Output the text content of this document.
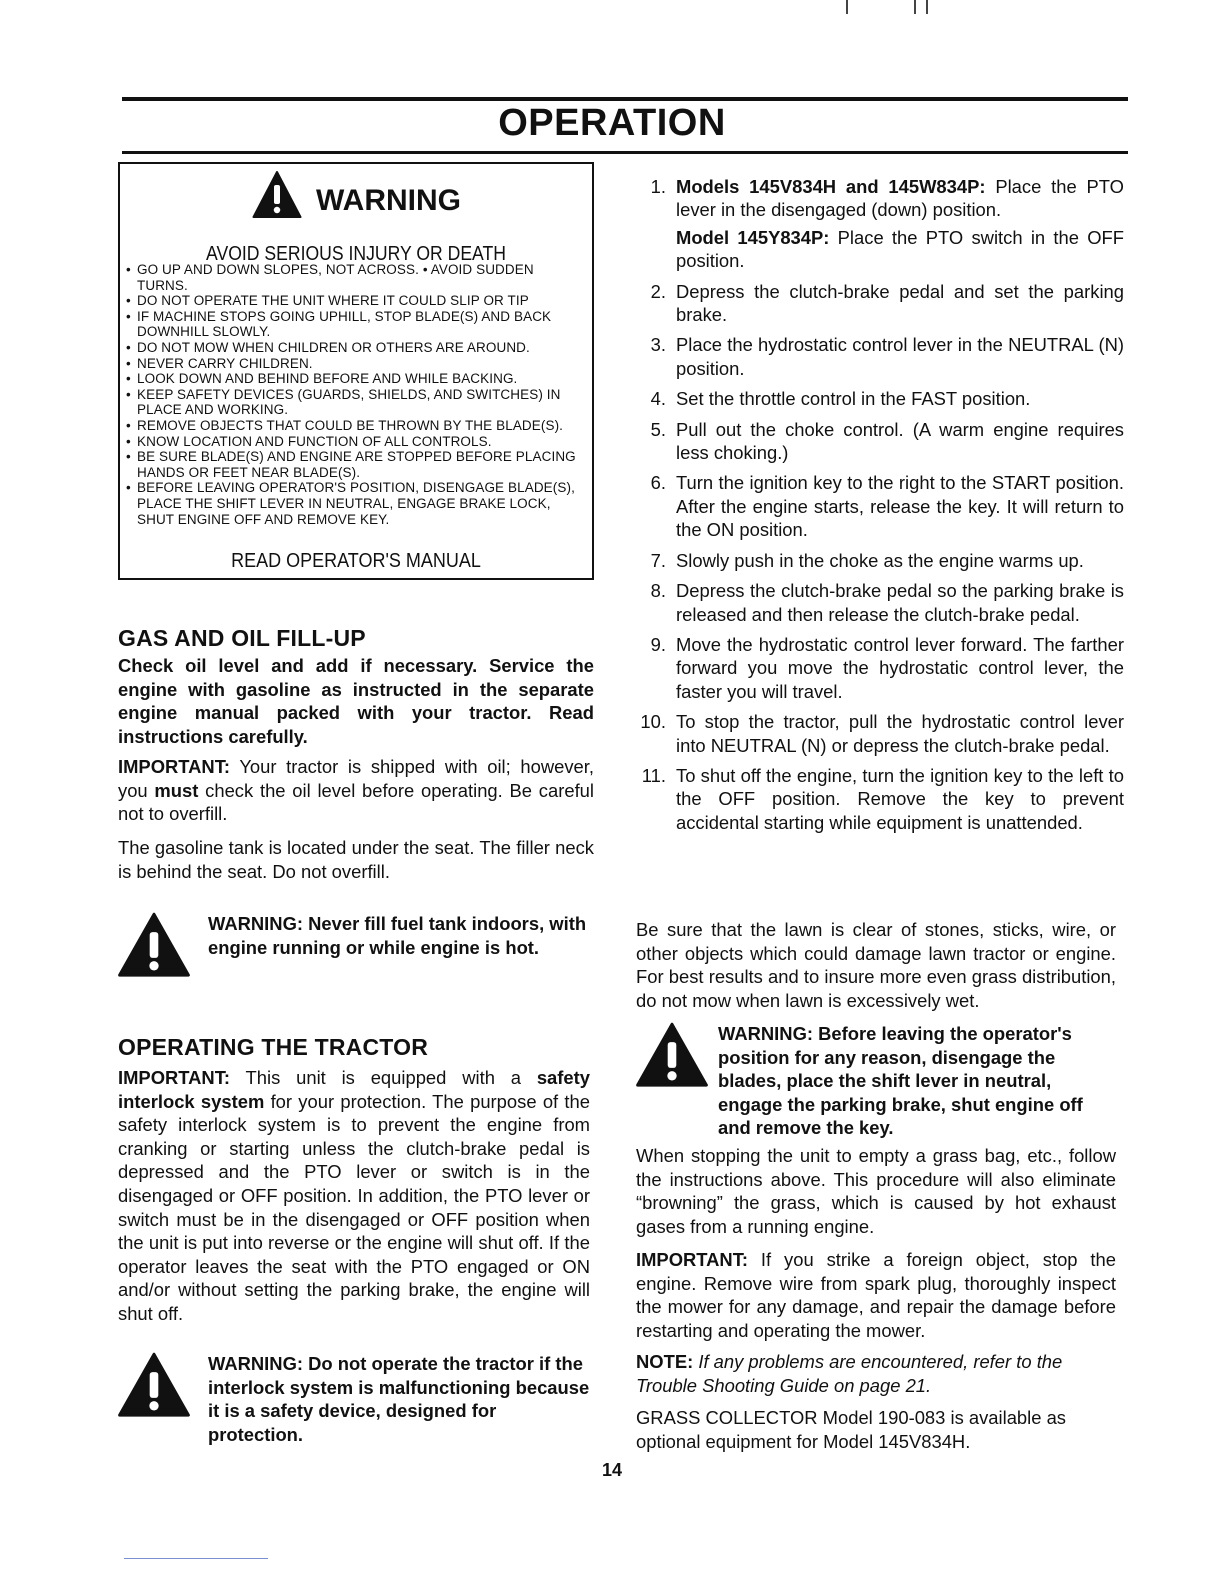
OPERATION
WARNING
AVOID SERIOUS INJURY OR DEATH
• GO UP AND DOWN SLOPES, NOT ACROSS. • AVOID SUDDEN TURNS.
• DO NOT OPERATE THE UNIT WHERE IT COULD SLIP OR TIP
• IF MACHINE STOPS GOING UPHILL, STOP BLADE(S) AND BACK DOWNHILL SLOWLY.
• DO NOT MOW WHEN CHILDREN OR OTHERS ARE AROUND.
• NEVER CARRY CHILDREN.
• LOOK DOWN AND BEHIND BEFORE AND WHILE BACKING.
• KEEP SAFETY DEVICES (GUARDS, SHIELDS, AND SWITCHES) IN PLACE AND WORKING.
• REMOVE OBJECTS THAT COULD BE THROWN BY THE BLADE(S).
• KNOW LOCATION AND FUNCTION OF ALL CONTROLS.
• BE SURE BLADE(S) AND ENGINE ARE STOPPED BEFORE PLACING HANDS OR FEET NEAR BLADE(S).
• BEFORE LEAVING OPERATOR'S POSITION, DISENGAGE BLADE(S), PLACE THE SHIFT LEVER IN NEUTRAL, ENGAGE BRAKE LOCK, SHUT ENGINE OFF AND REMOVE KEY.
READ OPERATOR'S MANUAL
GAS AND OIL FILL-UP

Check oil level and add if necessary. Service the engine with gasoline as instructed in the separate engine manual packed with your tractor. Read instructions carefully.

IMPORTANT: Your tractor is shipped with oil; however, you must check the oil level before operating. Be careful not to overfill.

The gasoline tank is located under the seat. The filler neck is behind the seat. Do not overfill.

WARNING: Never fill fuel tank indoors, with engine running or while engine is hot.
OPERATING THE TRACTOR

IMPORTANT: This unit is equipped with a safety interlock system for your protection. The purpose of the safety interlock system is to prevent the engine from cranking or starting unless the clutch-brake pedal is depressed and the PTO lever or switch is in the disengaged or OFF position. In addition, the PTO lever or switch must be in the disengaged or OFF position when the unit is put into reverse or the engine will shut off. If the operator leaves the seat with the PTO engaged or ON and/or without setting the parking brake, the engine will shut off.

WARNING: Do not operate the tractor if the interlock system is malfunctioning because it is a safety device, designed for protection.
1. Models 145V834H and 145W834P: Place the PTO lever in the disengaged (down) position.
Model 145Y834P: Place the PTO switch in the OFF position.
2. Depress the clutch-brake pedal and set the parking brake.
3. Place the hydrostatic control lever in the NEUTRAL (N) position.
4. Set the throttle control in the FAST position.
5. Pull out the choke control. (A warm engine requires less choking.)
6. Turn the ignition key to the right to the START position. After the engine starts, release the key. It will return to the ON position.
7. Slowly push in the choke as the engine warms up.
8. Depress the clutch-brake pedal so the parking brake is released and then release the clutch-brake pedal.
9. Move the hydrostatic control lever forward. The farther forward you move the hydrostatic control lever, the faster you will travel.
10. To stop the tractor, pull the hydrostatic control lever into NEUTRAL (N) or depress the clutch-brake pedal.
11. To shut off the engine, turn the ignition key to the left to the OFF position. Remove the key to prevent accidental starting while equipment is unattended.

Be sure that the lawn is clear of stones, sticks, wire, or other objects which could damage lawn tractor or engine. For best results and to insure more even grass distribution, do not mow when lawn is excessively wet.

WARNING: Before leaving the operator's position for any reason, disengage the blades, place the shift lever in neutral, engage the parking brake, shut engine off and remove the key.

When stopping the unit to empty a grass bag, etc., follow the instructions above. This procedure will also eliminate “browning” the grass, which is caused by hot exhaust gases from a running engine.

IMPORTANT: If you strike a foreign object, stop the engine. Remove wire from spark plug, thoroughly inspect the mower for any damage, and repair the damage before restarting and operating the mower.

NOTE: If any problems are encountered, refer to the Trouble Shooting Guide on page 21.

GRASS COLLECTOR Model 190-083 is available as optional equipment for Model 145V834H.

14
